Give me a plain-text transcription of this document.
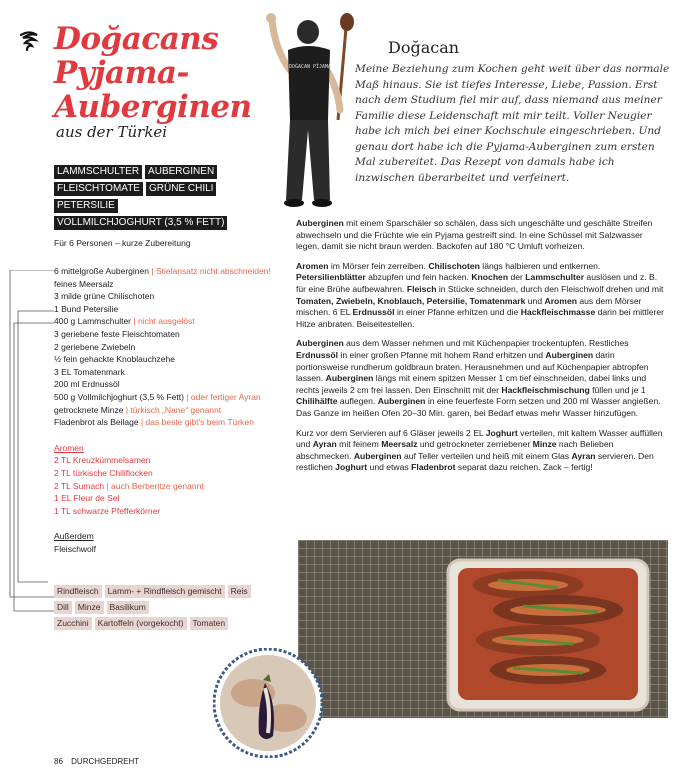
Doğacans Pyjama-Auberginen
aus der Türkei
LAMMSCHULTER AUBERGINEN
FLEISCHTOMATE GRÜNE CHILI
PETERSILIE
VOLLMILCHJOGHURT (3,5 % FETT)
Für 6 Personen – kurze Zubereitung
6 mittelgroße Auberginen | Stielansatz nicht abschneiden!
feines Meersalz
3 milde grüne Chilischoten
1 Bund Petersilie
400 g Lammschulter | nicht ausgelöst
3 geriebene feste Fleischtomaten
2 geriebene Zwiebeln
½ fein gehackte Knoblauchzehe
3 EL Tomatenmark
200 ml Erdnussöl
500 g Vollmilchjoghurt (3,5 % Fett) | oder fertiger Ayran
getrocknete Minze | türkisch „Nane“ genannt
Fladenbrot als Beilage | das beste gibt's beim Türken
Aromen
2 TL Kreuzkümmelsamen
2 TL türkische Chiliflocken
2 TL Sumach | auch Berberitze genannt
1 EL Fleur de Sel
1 TL schwarze Pfefferkörner
Außerdem
Fleischwolf
Rindfleisch	Lamm- + Rindfleisch gemischt	Reis
Dill	Minze	Basilikum
Zucchini	Kartoffeln (vorgekocht)	Tomaten
DOĞACAN PİJAMA
Doğacan
Meine Beziehung zum Kochen geht weit über das normale Maß hinaus. Sie ist tiefes Interesse, Liebe, Passion. Erst nach dem Studium fiel mir auf, dass niemand aus meiner Familie diese Leidenschaft mit mir teilt. Voller Neugier habe ich mich bei einer Kochschule eingeschrieben. Und genau dort habe ich die Pyjama-Auberginen zum ersten Mal zubereitet. Das Rezept von damals habe ich inzwischen überarbeitet und verfeinert.

Auberginen mit einem Sparschäler so schälen, dass sich ungeschälte und geschälte Streifen abwechseln und die Früchte wie ein Pyjama gestreift sind. In eine Schüssel mit Salzwasser legen, damit sie nicht braun werden. Backofen auf 180 °C Umluft vorheizen.

Aromen im Mörser fein zerreiben. Chilischoten längs halbieren und entkernen. Petersilienblätter abzupfen und fein hacken. Knochen der Lammschulter auslösen und z. B. für eine Brühe aufbewahren. Fleisch in Stücke schneiden, durch den Fleischwolf drehen und mit Tomaten, Zwiebeln, Knoblauch, Petersilie, Tomatenmark und Aromen aus dem Mörser mischen. 6 EL Erdnussöl in einer Pfanne erhitzen und die Hackfleischmasse darin bei mittlerer Hitze anbraten. Beiseitestellen.

Auberginen aus dem Wasser nehmen und mit Küchenpapier trockentupfen. Restliches Erdnussöl in einer großen Pfanne mit hohem Rand erhitzen und Auberginen darin portionsweise rundherum goldbraun braten. Herausnehmen und auf Küchenpapier abtropfen lassen. Auberginen längs mit einem spitzen Messer 1 cm tief einschneiden, dabei links und rechts jeweils 2 cm frei lassen. Den Einschnitt mit der Hackfleischmischung füllen und je 1 Chilihälfte auflegen. Auberginen in eine feuerfeste Form setzen und 200 ml Wasser angießen. Das Ganze im heißen Ofen 20–30 Min. garen, bei Bedarf etwas mehr Wasser hinzufügen.

Kurz vor dem Servieren auf 6 Gläser jeweils 2 EL Joghurt verteilen, mit kaltem Wasser auffüllen und Ayran mit feinem Meersalz und getrockneter zerriebener Minze nach Belieben abschmecken. Auberginen auf Teller verteilen und heiß mit einem Glas Ayran servieren. Den restlichen Joghurt und etwas Fladenbrot separat dazu reichen. Zack – fertig!

86 DURCHGEDREHT
